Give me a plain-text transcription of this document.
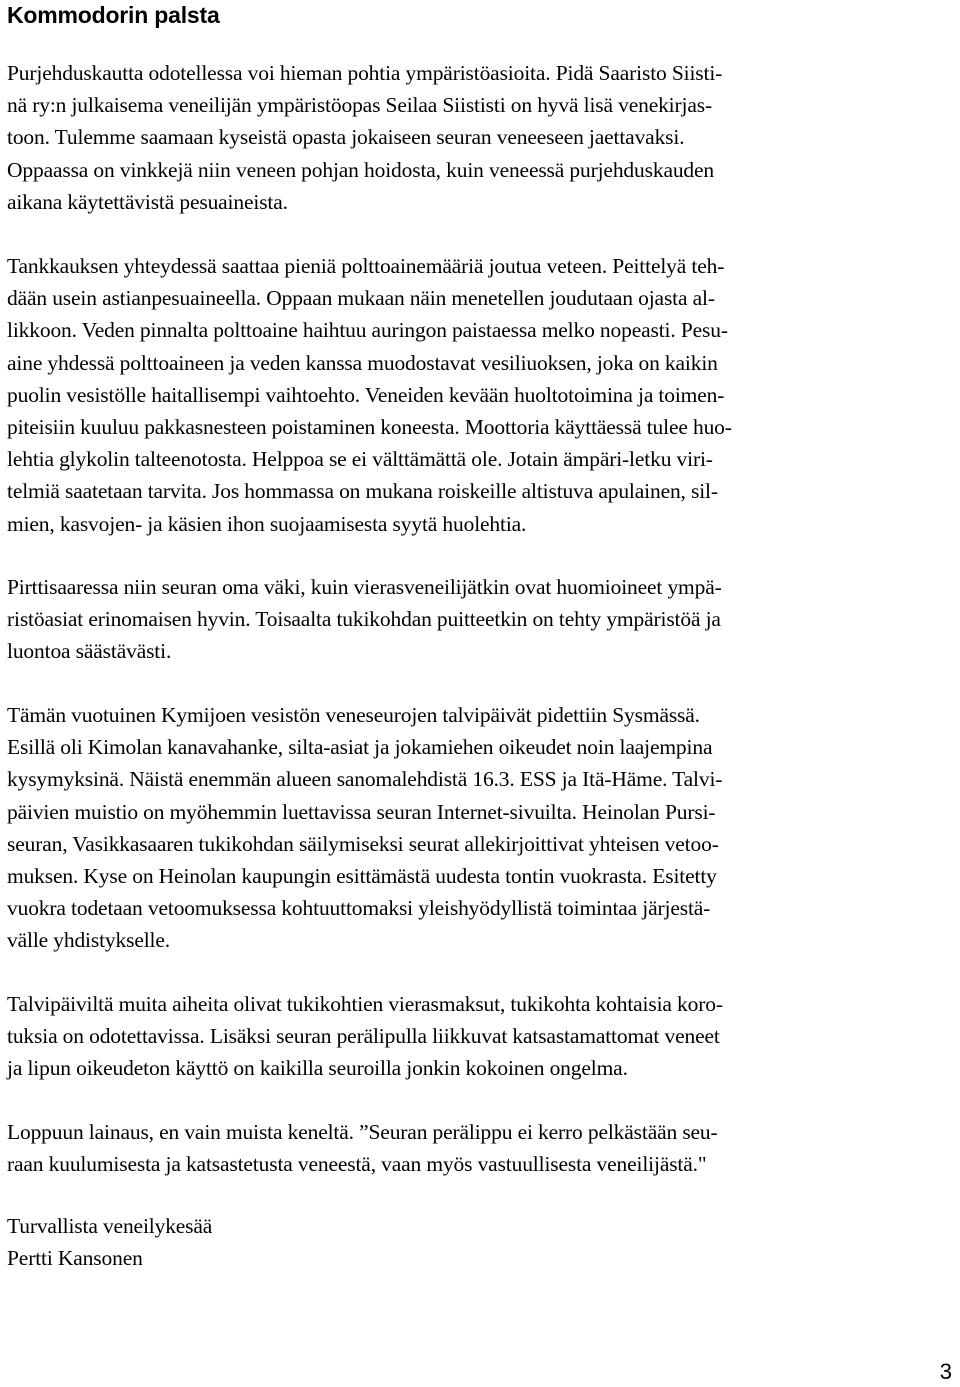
Kommodorin palsta

Purjehduskautta odotellessa voi hieman pohtia ympäristöasioita. Pidä Saaristo Siisti-
nä ry:n julkaisema veneilijän ympäristöopas Seilaa Siististi on hyvä lisä venekirjas-
toon. Tulemme saamaan kyseistä opasta jokaiseen seuran veneeseen jaettavaksi.
Oppaassa on vinkkejä niin veneen pohjan hoidosta, kuin veneessä purjehduskauden
aikana käytettävistä pesuaineista.

Tankkauksen yhteydessä saattaa pieniä polttoainemääriä joutua veteen. Peittelyä teh-
dään usein astianpesuaineella. Oppaan mukaan näin menetellen joudutaan ojasta al-
likkoon. Veden pinnalta polttoaine haihtuu auringon paistaessa melko nopeasti. Pesu-
aine yhdessä polttoaineen ja veden kanssa muodostavat vesiliuoksen, joka on kaikin
puolin vesistölle haitallisempi vaihtoehto. Veneiden kevään huoltotoimina ja toimen-
piteisiin kuuluu pakkasnesteen poistaminen koneesta. Moottoria käyttäessä tulee huo-
lehtia glykolin talteenotosta. Helppoa se ei välttämättä ole. Jotain ämpäri-letku viri-
telmiä saatetaan tarvita. Jos hommassa on mukana roiskeille altistuva apulainen, sil-
mien, kasvojen- ja käsien ihon suojaamisesta syytä huolehtia.

Pirttisaaressa niin seuran oma väki, kuin vierasveneilijätkin ovat huomioineet ympä-
ristöasiat erinomaisen hyvin. Toisaalta tukikohdan puitteetkin on tehty ympäristöä ja
luontoa säästävästi.

Tämän vuotuinen Kymijoen vesistön veneseurojen talvipäivät pidettiin Sysmässä.
Esillä oli Kimolan kanavahanke, silta-asiat ja jokamiehen oikeudet noin laajempina
kysymyksinä. Näistä enemmän alueen sanomalehdistä 16.3. ESS ja Itä-Häme. Talvi-
päivien muistio on myöhemmin luettavissa seuran Internet-sivuilta. Heinolan Pursi-
seuran, Vasikkasaaren tukikohdan säilymiseksi seurat allekirjoittivat yhteisen vetoo-
muksen. Kyse on Heinolan kaupungin esittämästä uudesta tontin vuokrasta. Esitetty
vuokra todetaan vetoomuksessa kohtuuttomaksi yleishyödyllistä toimintaa järjestä-
välle yhdistykselle.

Talvipäiviltä muita aiheita olivat tukikohtien vierasmaksut, tukikohta kohtaisia koro-
tuksia on odotettavissa. Lisäksi seuran perälipulla liikkuvat katsastamattomat veneet
ja lipun oikeudeton käyttö on kaikilla seuroilla jonkin kokoinen ongelma.

Loppuun lainaus, en vain muista keneltä. ”Seuran perälippu ei kerro pelkästään seu-
raan kuulumisesta ja katsastetusta veneestä, vaan myös vastuullisesta veneilijästä."

Turvallista veneilykesää
Pertti Kansonen

3
